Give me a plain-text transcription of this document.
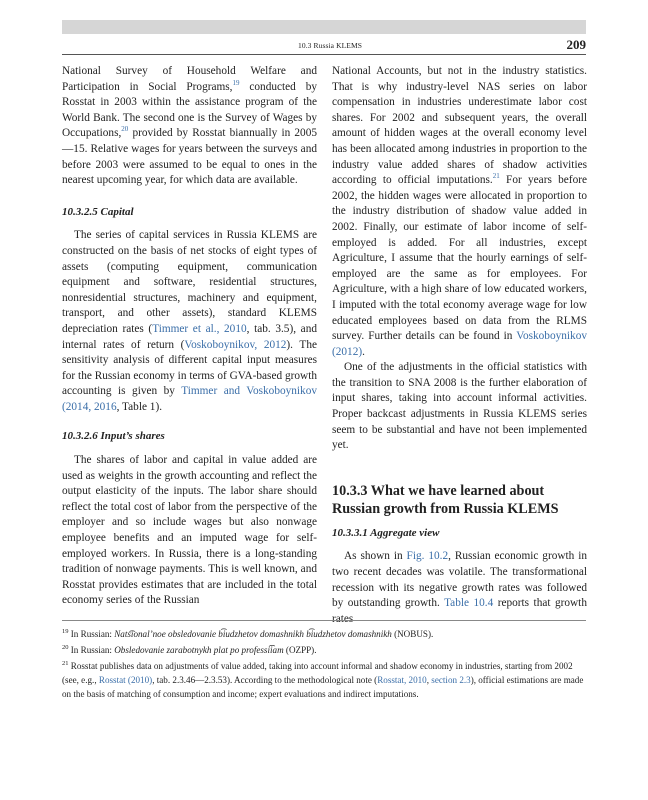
10.3 Russia KLEMS	209

National Survey of Household Welfare and Participation in Social Programs,$^{19}$ conducted by Rosstat in 2003 within the assistance program of the World Bank. The second one is the Survey of Wages by Occupations,$^{20}$ provided by Rosstat biannually in 2005—15. Relative wages for years between the surveys and before 2003 were assumed to be equal to ones in the nearest upcoming year, for which data are available.

10.3.2.5 Capital

The series of capital services in Russia KLEMS are constructed on the basis of net stocks of eight types of assets (computing equipment, communication equipment and software, residential structures, nonresidential structures, machinery and equipment, transport, and other assets), standard KLEMS depreciation rates (Timmer et al., 2010, tab. 3.5), and internal rates of return (Voskoboynikov, 2012). The sensitivity analysis of different capital input measures for the Russian economy in terms of GVA-based growth accounting is given by Timmer and Voskoboynikov (2014, 2016, Table 1).

10.3.2.6 Input’s shares

The shares of labor and capital in value added are used as weights in the growth accounting and reflect the output elasticity of the inputs. The labor share should reflect the total cost of labor from the perspective of the employer and so include wages but also nonwage employee benefits and an imputed wage for self-employed workers. In Russia, there is a long-standing tradition of nonwage payments. This is well known, and Rosstat provides estimates that are included in the total economy series of the Russian

National Accounts, but not in the industry statistics. That is why industry-level NAS series on labor compensation in industries underestimate labor cost shares. For 2002 and subsequent years, the overall amount of hidden wages at the overall economy level has been allocated among industries in proportion to the industry value added shares of shadow activities according to official imputations.$^{21}$ For years before 2002, the hidden wages were allocated in proportion to the industry distribution of shadow value added in 2002. Finally, our estimate of labor income of self-employed is added. For all industries, except Agriculture, I assume that the hourly earnings of self-employed are the same as for employees. For Agriculture, with a high share of low educated workers, I imputed with the total economy average wage for low educated employees based on data from the RLMS survey. Further details can be found in Voskoboynikov (2012).

One of the adjustments in the official statistics with the transition to SNA 2008 is the further elaboration of input shares, taking into account informal activities. Proper backcast adjustments in Russia KLEMS series seem to be substantial and have not been implemented yet.

10.3.3 What we have learned about Russian growth from Russia KLEMS
10.3.3.1 Aggregate view

As shown in Fig. 10.2, Russian economic growth in two recent decades was volatile. The transformational recession with its negative growth rates was followed by outstanding growth. Table 10.4 reports that growth rates

$^{19}$ In Russian: Nats͡ional’noe obsledovanie b͡iudzhetov domashnikh b͡iudzhetov domashnikh (NOBUS).

$^{20}$ In Russian: Obsledovanie zarabotnykh plat po professi͡iam (OZPP).

$^{21}$ Rosstat publishes data on adjustments of value added, taking into account informal and shadow economy in industries, starting from 2002 (see, e.g., Rosstat (2010), tab. 2.3.46—2.3.53). According to the methodological note (Rosstat, 2010, section 2.3), official estimations are made on the basis of matching of consumption and income; expert evaluations and indirect imputations.
